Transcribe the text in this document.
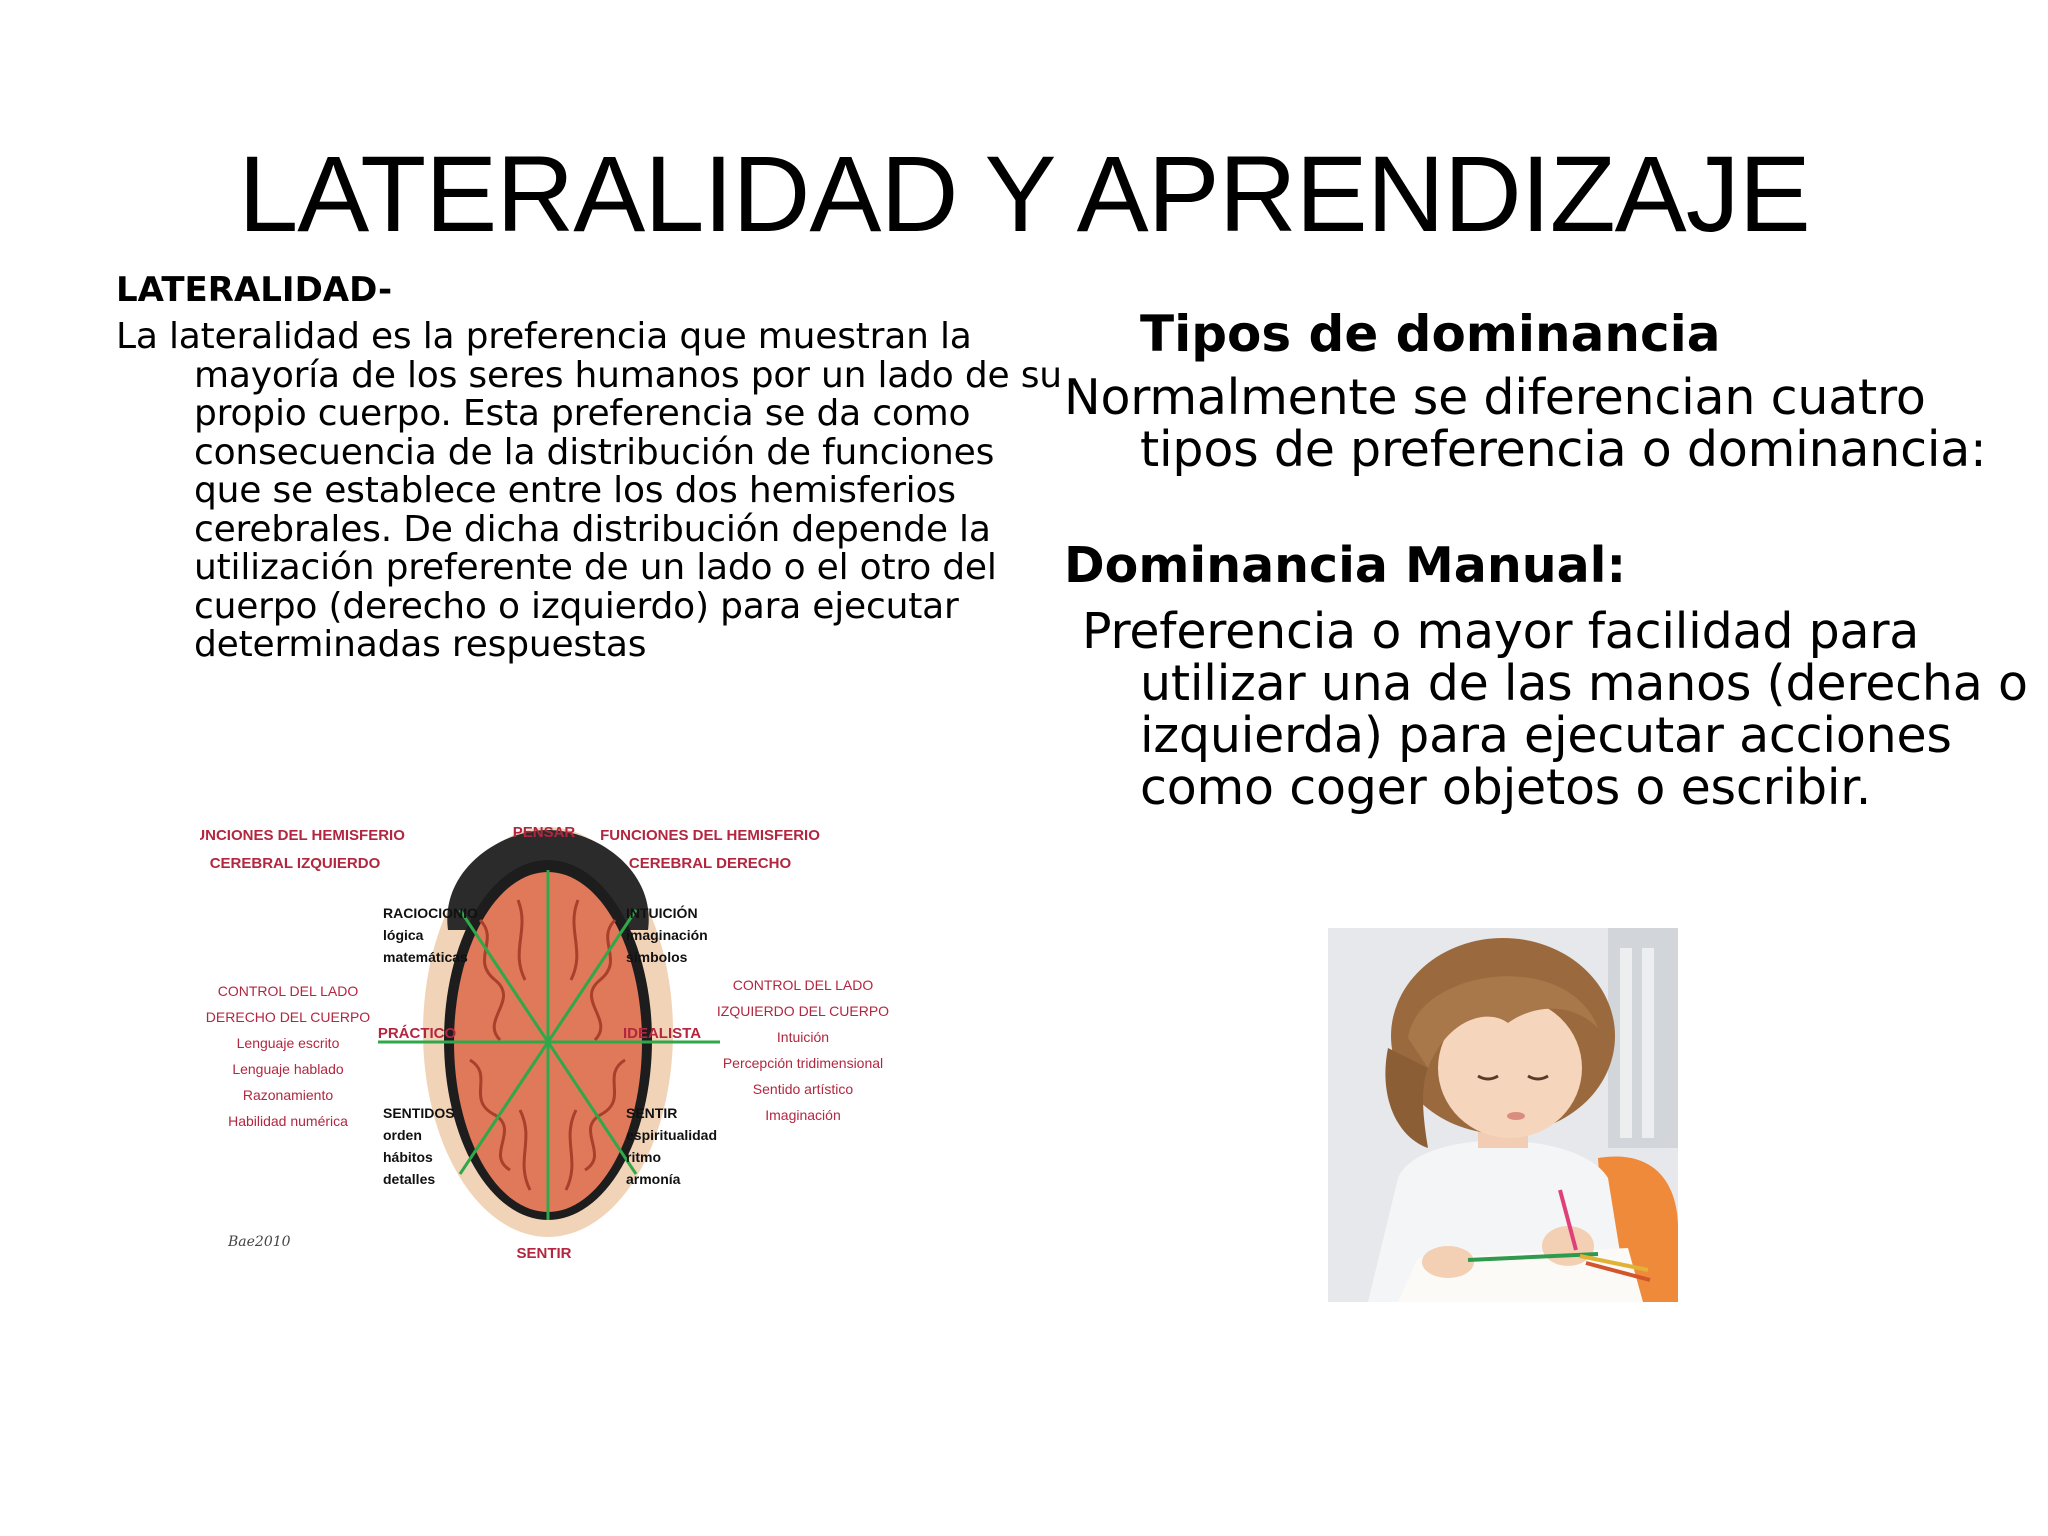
LATERALIDAD Y APRENDIZAJE
LATERALIDAD-

La lateralidad es la preferencia que muestran la mayoría de los seres humanos por un lado de su propio cuerpo. Esta preferencia se da como consecuencia de la distribución de funciones que se establece entre los dos hemisferios cerebrales. De dicha distribución depende la utilización preferente de un lado o el otro del cuerpo (derecho o izquierdo) para ejecutar determinadas respuestas

Tipos de dominancia

Normalmente se diferencian cuatro tipos de preferencia o dominancia:

Dominancia Manual:

Preferencia o mayor facilidad para utilizar una de las manos (derecha o izquierda) para ejecutar acciones como coger objetos o escribir.

FUNCIONES DEL HEMISFERIO
CEREBRAL IZQUIERDO
FUNCIONES DEL HEMISFERIO
CEREBRAL DERECHO
PENSAR
SENTIR
RACIOCIONIO
lógica
matemáticas
INTUICIÓN
imaginación
símbolos
PRÁCTICO	IDEALISTA
SENTIDOS
orden
hábitos
detalles
SENTIR
espiritualidad
ritmo
armonía
CONTROL DEL LADO
DERECHO DEL CUERPO
Lenguaje escrito
Lenguaje hablado
Razonamiento
Habilidad numérica
CONTROL DEL LADO
IZQUIERDO DEL CUERPO
Intuición
Percepción tridimensional
Sentido artístico
Imaginación
Bae2010
